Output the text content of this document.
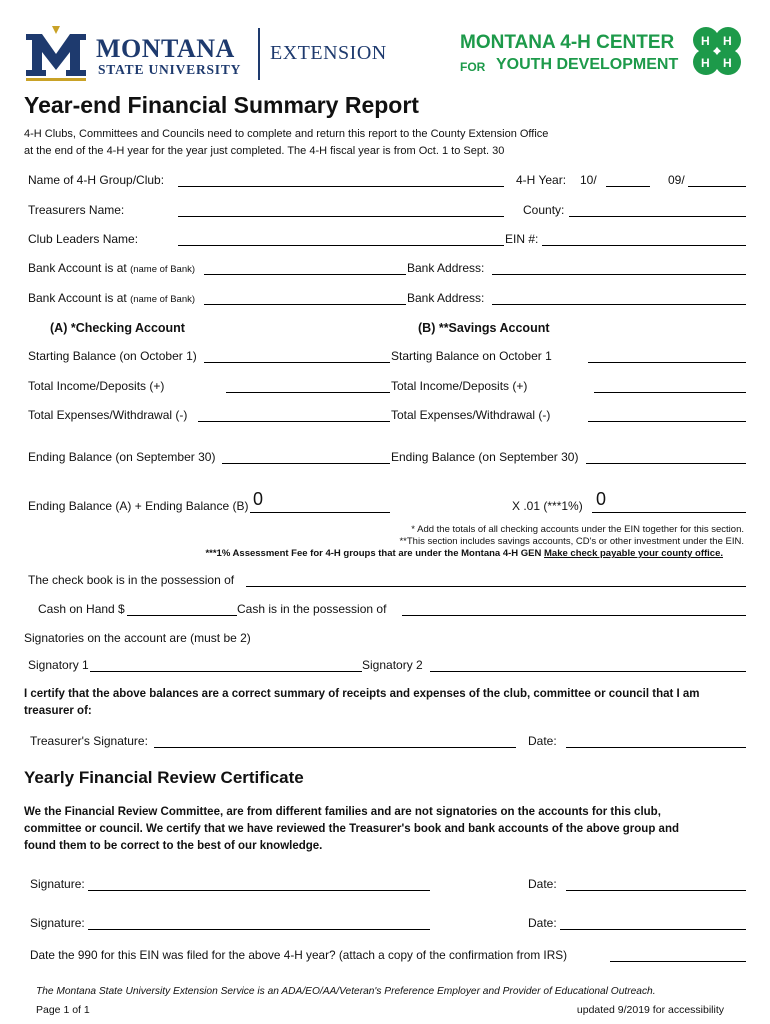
MONTANA
STATE UNIVERSITY
EXTENSION	MONTANA 4-H CENTER
FOR YOUTH DEVELOPMENT
H H
H H
Year-end Financial Summary Report
4-H Clubs, Committees and Councils need to complete and return this report to the County Extension Office
at the end of the 4-H year for the year just completed. The 4-H fiscal year is from Oct. 1 to Sept. 30
Name of 4-H Group/Club:	4-H Year: 10/	09/
Treasurers Name:	County:
Club Leaders Name:	EIN #:
Bank Account is at (name of Bank)	Bank Address:
Bank Account is at (name of Bank)	Bank Address:
(A) *Checking Account	(B) **Savings Account
Starting Balance (on October 1)	Starting Balance on October 1
Total Income/Deposits (+)	Total Income/Deposits (+)
Total Expenses/Withdrawal (-)	Total Expenses/Withdrawal (-)
Ending Balance (on September 30)	Ending Balance (on September 30)
Ending Balance (A) + Ending Balance (B) 0	X .01 (***1%) 0
* Add the totals of all checking accounts under the EIN together for this section.
**This section includes savings accounts, CD's or other investment under the EIN.
***1% Assessment Fee for 4-H groups that are under the Montana 4-H GEN Make check payable your county office.
The check book is in the possession of
Cash on Hand $	Cash is in the possession of
Signatories on the account are (must be 2)
Signatory 1	Signatory 2
I certify that the above balances are a correct summary of receipts and expenses of the club, committee or council that I am
treasurer of:
Treasurer's Signature:	Date:
Yearly Financial Review Certificate
We the Financial Review Committee, are from different families and are not signatories on the accounts for this club,
committee or council. We certify that we have reviewed the Treasurer's book and bank accounts of the above group and
found them to be correct to the best of our knowledge.
Signature:	Date:
Signature:	Date:
Date the 990 for this EIN was filed for the above 4-H year? (attach a copy of the confirmation from IRS)
The Montana State University Extension Service is an ADA/EO/AA/Veteran's Preference Employer and Provider of Educational Outreach.
Page 1 of 1	updated 9/2019 for accessibility
